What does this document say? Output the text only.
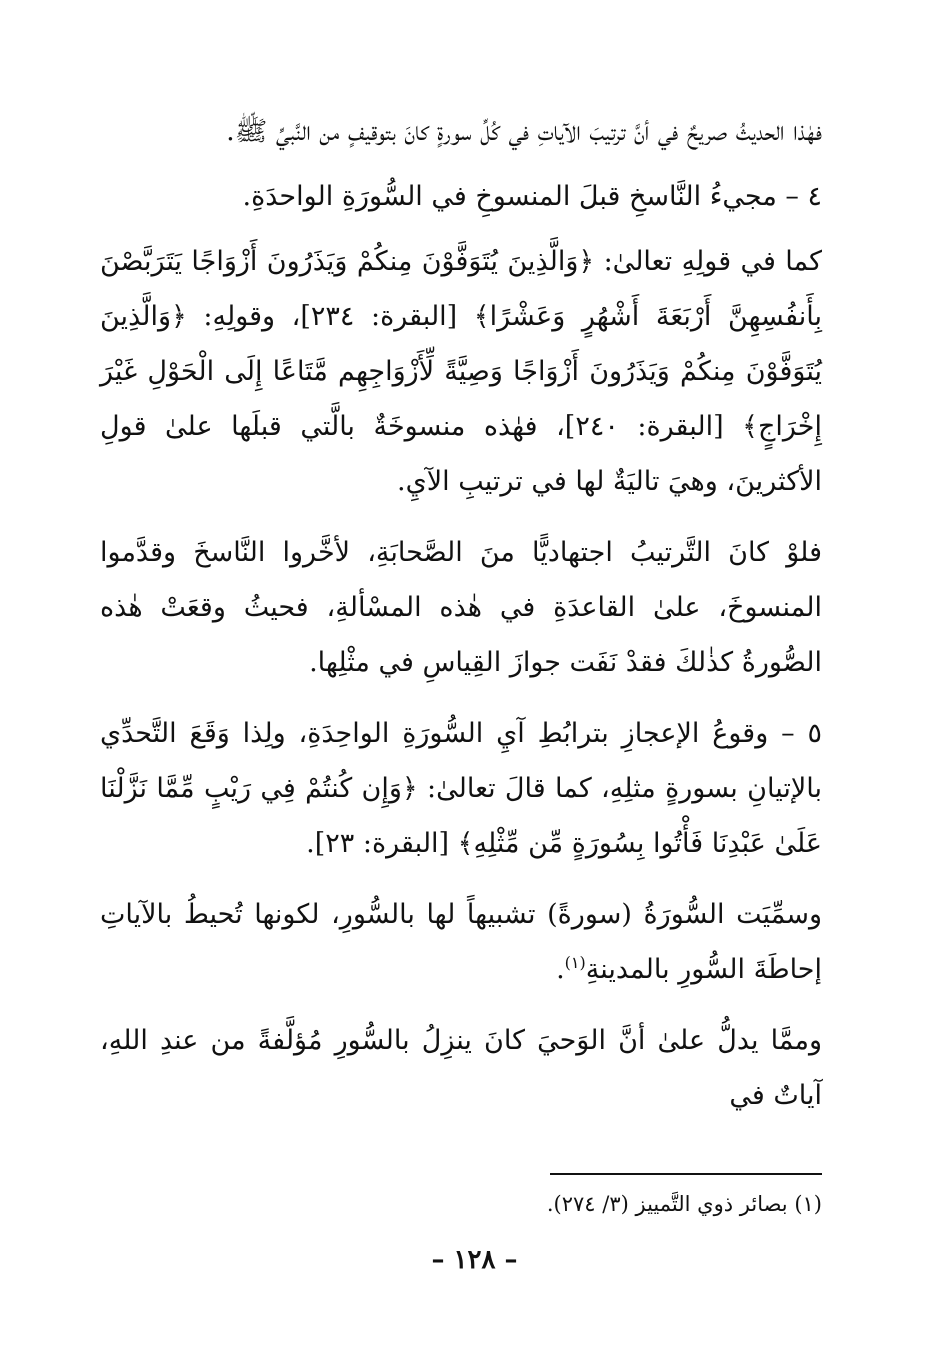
فهٰذا الحديثُ صريحٌ في أنَّ ترتيبَ الآياتِ في كُلِّ سورةٍ كانَ بتوقيفٍ من النَّبيِّ ﷺ.

٤ – مجيءُ النَّاسخِ قبلَ المنسوخِ في السُّورَةِ الواحدَةِ.

كما في قولِهِ تعالىٰ: ﴿وَالَّذِينَ يُتَوَفَّوْنَ مِنكُمْ وَيَذَرُونَ أَزْوَاجًا يَتَرَبَّصْنَ بِأَنفُسِهِنَّ أَرْبَعَةَ أَشْهُرٍ وَعَشْرًا﴾ [البقرة: ٢٣٤]، وقولِهِ: ﴿وَالَّذِينَ يُتَوَفَّوْنَ مِنكُمْ وَيَذَرُونَ أَزْوَاجًا وَصِيَّةً لِّأَزْوَاجِهِم مَّتَاعًا إِلَى الْحَوْلِ غَيْرَ إِخْرَاجٍ﴾ [البقرة: ٢٤٠]، فهٰذه منسوخَةٌ بالَّتي قبلَها علىٰ قولِ الأكثرينَ، وهيَ تاليَةٌ لها في ترتيبِ الآيِ.

فلوْ كانَ التَّرتيبُ اجتهاديًّا منَ الصَّحابَةِ، لأخَّروا النَّاسخَ وقدَّموا المنسوخَ، علىٰ القاعدَةِ في هٰذه المسْألةِ، فحيثُ وقعَتْ هٰذه الصُّورةُ كذٰلكَ فقدْ نَفَت جوازَ القِياسِ في مثْلِها.

٥ – وقوعُ الإعجازِ بترابُطِ آيِ السُّورَةِ الواحِدَةِ، ولِذا وَقَعَ التَّحدِّي بالإتيانِ بسورةٍ مثلِهِ، كما قالَ تعالىٰ: ﴿وَإِن كُنتُمْ فِي رَيْبٍ مِّمَّا نَزَّلْنَا عَلَىٰ عَبْدِنَا فَأْتُوا بِسُورَةٍ مِّن مِّثْلِهِ﴾ [البقرة: ٢٣].

وسمِّيَت السُّورَةُ (سورةً) تشبيهاً لها بالسُّورِ، لكونها تُحيطُ بالآياتِ إحاطَةَ السُّورِ بالمدينةِ$^{(١)}$.

وممَّا يدلُّ علىٰ أنَّ الوَحيَ كانَ ينزِلُ بالسُّورِ مُؤلَّفةً من عندِ اللهِ، آياتٌ في

(١) بصائر ذوي التَّمييز (٣/ ٢٧٤).

– ١٢٨ –
